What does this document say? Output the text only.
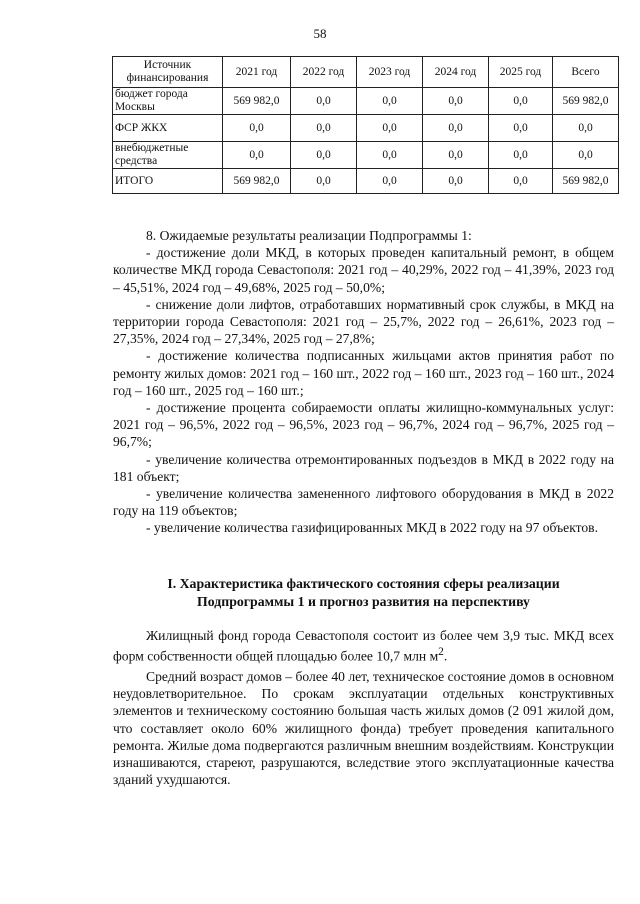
58
Источник финансирования	2021 год	2022 год	2023 год	2024 год	2025 год	Всего
бюджет города Москвы	569 982,0	0,0	0,0	0,0	0,0	569 982,0
ФСР ЖКХ	0,0	0,0	0,0	0,0	0,0	0,0
внебюджетные средства	0,0	0,0	0,0	0,0	0,0	0,0
ИТОГО	569 982,0	0,0	0,0	0,0	0,0	569 982,0

8. Ожидаемые результаты реализации Подпрограммы 1:

- достижение доли МКД, в которых проведен капитальный ремонт, в общем количестве МКД города Севастополя: 2021 год – 40,29%, 2022 год – 41,39%, 2023 год – 45,51%, 2024 год – 49,68%, 2025 год – 50,0%;

- снижение доли лифтов, отработавших нормативный срок службы, в МКД на территории города Севастополя: 2021 год – 25,7%, 2022 год – 26,61%, 2023 год – 27,35%, 2024 год – 27,34%, 2025 год – 27,8%;

- достижение количества подписанных жильцами актов принятия работ по ремонту жилых домов: 2021 год – 160 шт., 2022 год – 160 шт., 2023 год – 160 шт., 2024 год – 160 шт., 2025 год – 160 шт.;

- достижение процента собираемости оплаты жилищно-коммунальных услуг: 2021 год – 96,5%, 2022 год – 96,5%, 2023 год – 96,7%, 2024 год – 96,7%, 2025 год – 96,7%;

- увеличение количества отремонтированных подъездов в МКД в 2022 году на 181 объект;

- увеличение количества замененного лифтового оборудования в МКД в 2022 году на 119 объектов;

- увеличение количества газифицированных МКД в 2022 году на 97 объектов.

I. Характеристика фактического состояния сферы реализации
Подпрограммы 1 и прогноз развития на перспективу

Жилищный фонд города Севастополя состоит из более чем 3,9 тыс. МКД всех форм собственности общей площадью более 10,7 млн $м^2$.

Средний возраст домов – более 40 лет, техническое состояние домов в основном неудовлетворительное. По срокам эксплуатации отдельных конструктивных элементов и техническому состоянию большая часть жилых домов (2 091 жилой дом, что составляет около 60% жилищного фонда) требует проведения капитального ремонта. Жилые дома подвергаются различным внешним воздействиям. Конструкции изнашиваются, стареют, разрушаются, вследствие этого эксплуатационные качества зданий ухудшаются.
